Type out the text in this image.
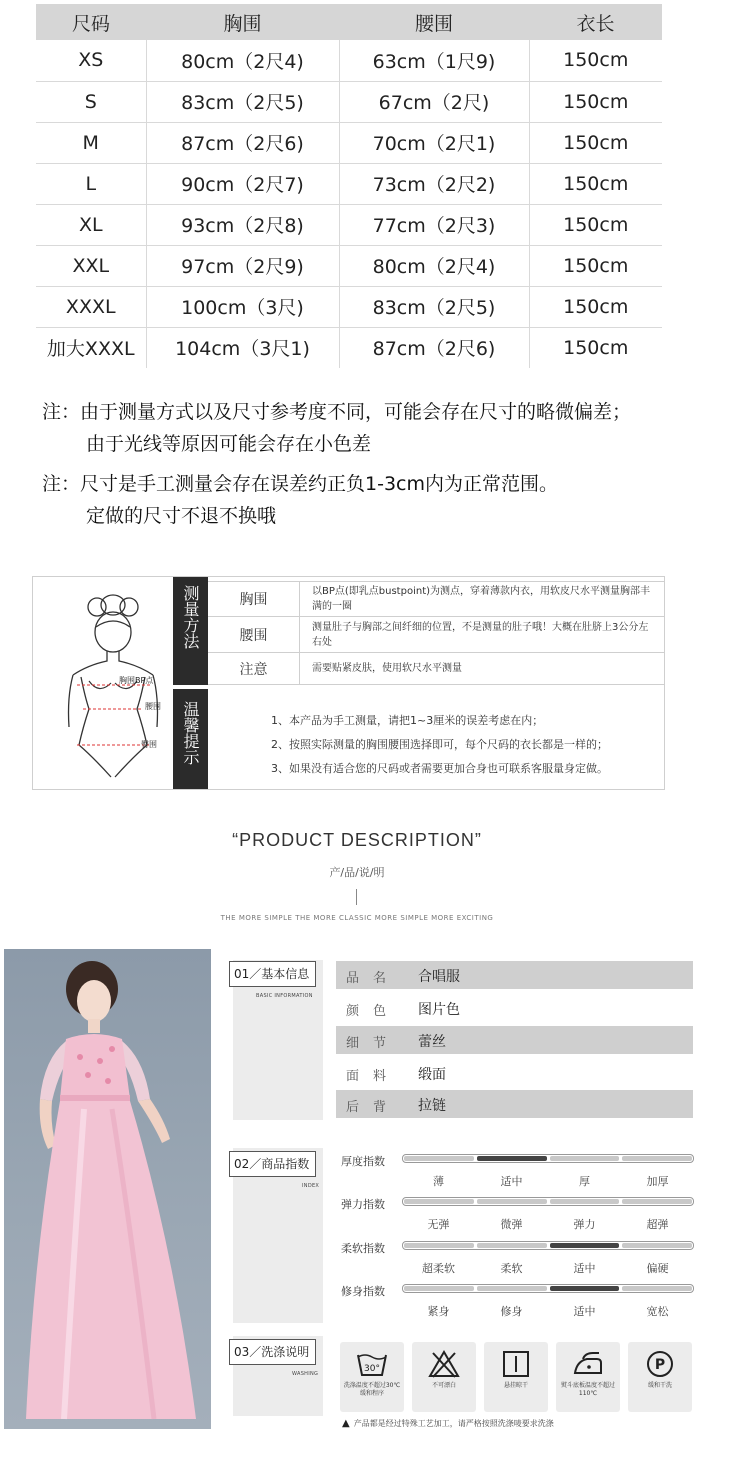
尺码	胸围	腰围	衣长
XS	80cm（2尺4)	63cm（1尺9)	150cm
S	83cm（2尺5)	67cm（2尺)	150cm
M	87cm（2尺6)	70cm（2尺1)	150cm
L	90cm（2尺7)	73cm（2尺2)	150cm
XL	93cm（2尺8)	77cm（2尺3)	150cm
XXL	97cm（2尺9)	80cm（2尺4)	150cm
XXXL	100cm（3尺)	83cm（2尺5)	150cm
加大XXXL	104cm（3尺1)	87cm（2尺6)	150cm
注：由于测量方式以及尺寸参考度不同，可能会存在尺寸的略微偏差；
由于光线等原因可能会存在小色差
注：尺寸是手工测量会存在误差约正负1-3cm内为正常范围。
定做的尺寸不退不换哦
胸围BP点
腰围
臀围
测量方法
温馨提示
胸围
以BP点(即乳点bustpoint)为测点，穿着薄款内衣，用软皮尺水平测量胸部丰满的一圈
腰围
测量肚子与胸部之间纤细的位置，不是测量的肚子哦！大概在肚脐上3公分左右处
注意	需要贴紧皮肤，使用软尺水平测量
1、本产品为手工测量，请把1~3厘米的误差考虑在内；
2、按照实际测量的胸围腰围选择即可，每个尺码的衣长都是一样的；
3、如果没有适合您的尺码或者需要更加合身也可联系客服量身定做。
“PRODUCT DESCRIPTION”
产/品/说/明
THE MORE SIMPLE THE MORE CLASSIC MORE SIMPLE MORE EXCITING
01／基本信息
BASIC INFORMATION
品名 合唱服
颜色 图片色
细节 蕾丝
面料 缎面
后背 拉链
02／商品指数
INDEX
厚度指数
薄	适中	厚	加厚
弹力指数
无弹	微弹	弹力	超弹
柔软指数
超柔软	柔软	适中	偏硬
修身指数
紧身	修身	适中	宽松
03／洗涤说明
WASHING	30°
洗涤温度不超过30℃缓和程序
不可漂白	悬挂晾干	熨斗底板温度不超过110℃
P
缓和干洗
▲ 产品都是经过特殊工艺加工，请严格按照洗涤唛要求洗涤
